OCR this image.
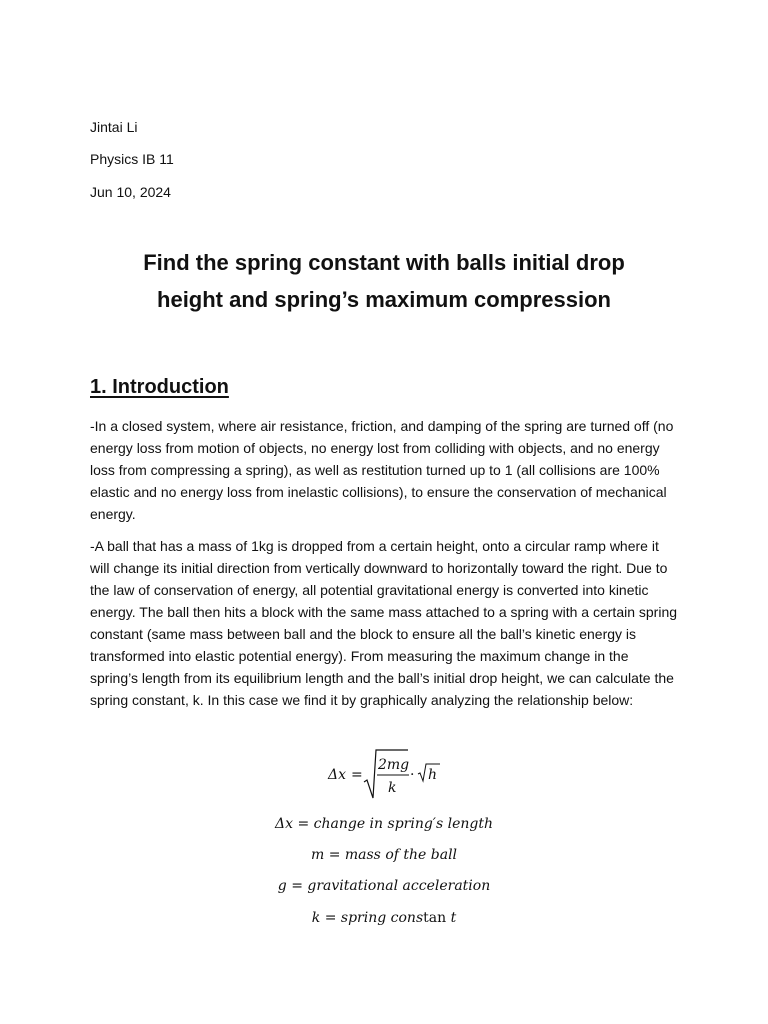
Jintai Li
Physics IB 11
Jun 10, 2024
Find the spring constant with balls initial drop
height and spring’s maximum compression
1. Introduction

-In a closed system, where air resistance, friction, and damping of the spring are turned off (no energy loss from motion of objects, no energy lost from colliding with objects, and no energy loss from compressing a spring), as well as restitution turned up to 1 (all collisions are 100% elastic and no energy loss from inelastic collisions), to ensure the conservation of mechanical energy.

-A ball that has a mass of 1kg is dropped from a certain height, onto a circular ramp where it will change its initial direction from vertically downward to horizontally toward the right. Due to the law of conservation of energy, all potential gravitational energy is converted into kinetic energy. The ball then hits a block with the same mass attached to a spring with a certain spring constant (same mass between ball and the block to ensure all the ball’s kinetic energy is transformed into elastic potential energy). From measuring the maximum change in the spring’s length from its equilibrium length and the ball’s initial drop height, we can calculate the spring constant, k. In this case we find it by graphically analyzing the relationship below:

Δx =
2mg
k
· h
Δx = change in spring′s length
m = mass of the ball
g = gravitational acceleration
k = spring constan t
